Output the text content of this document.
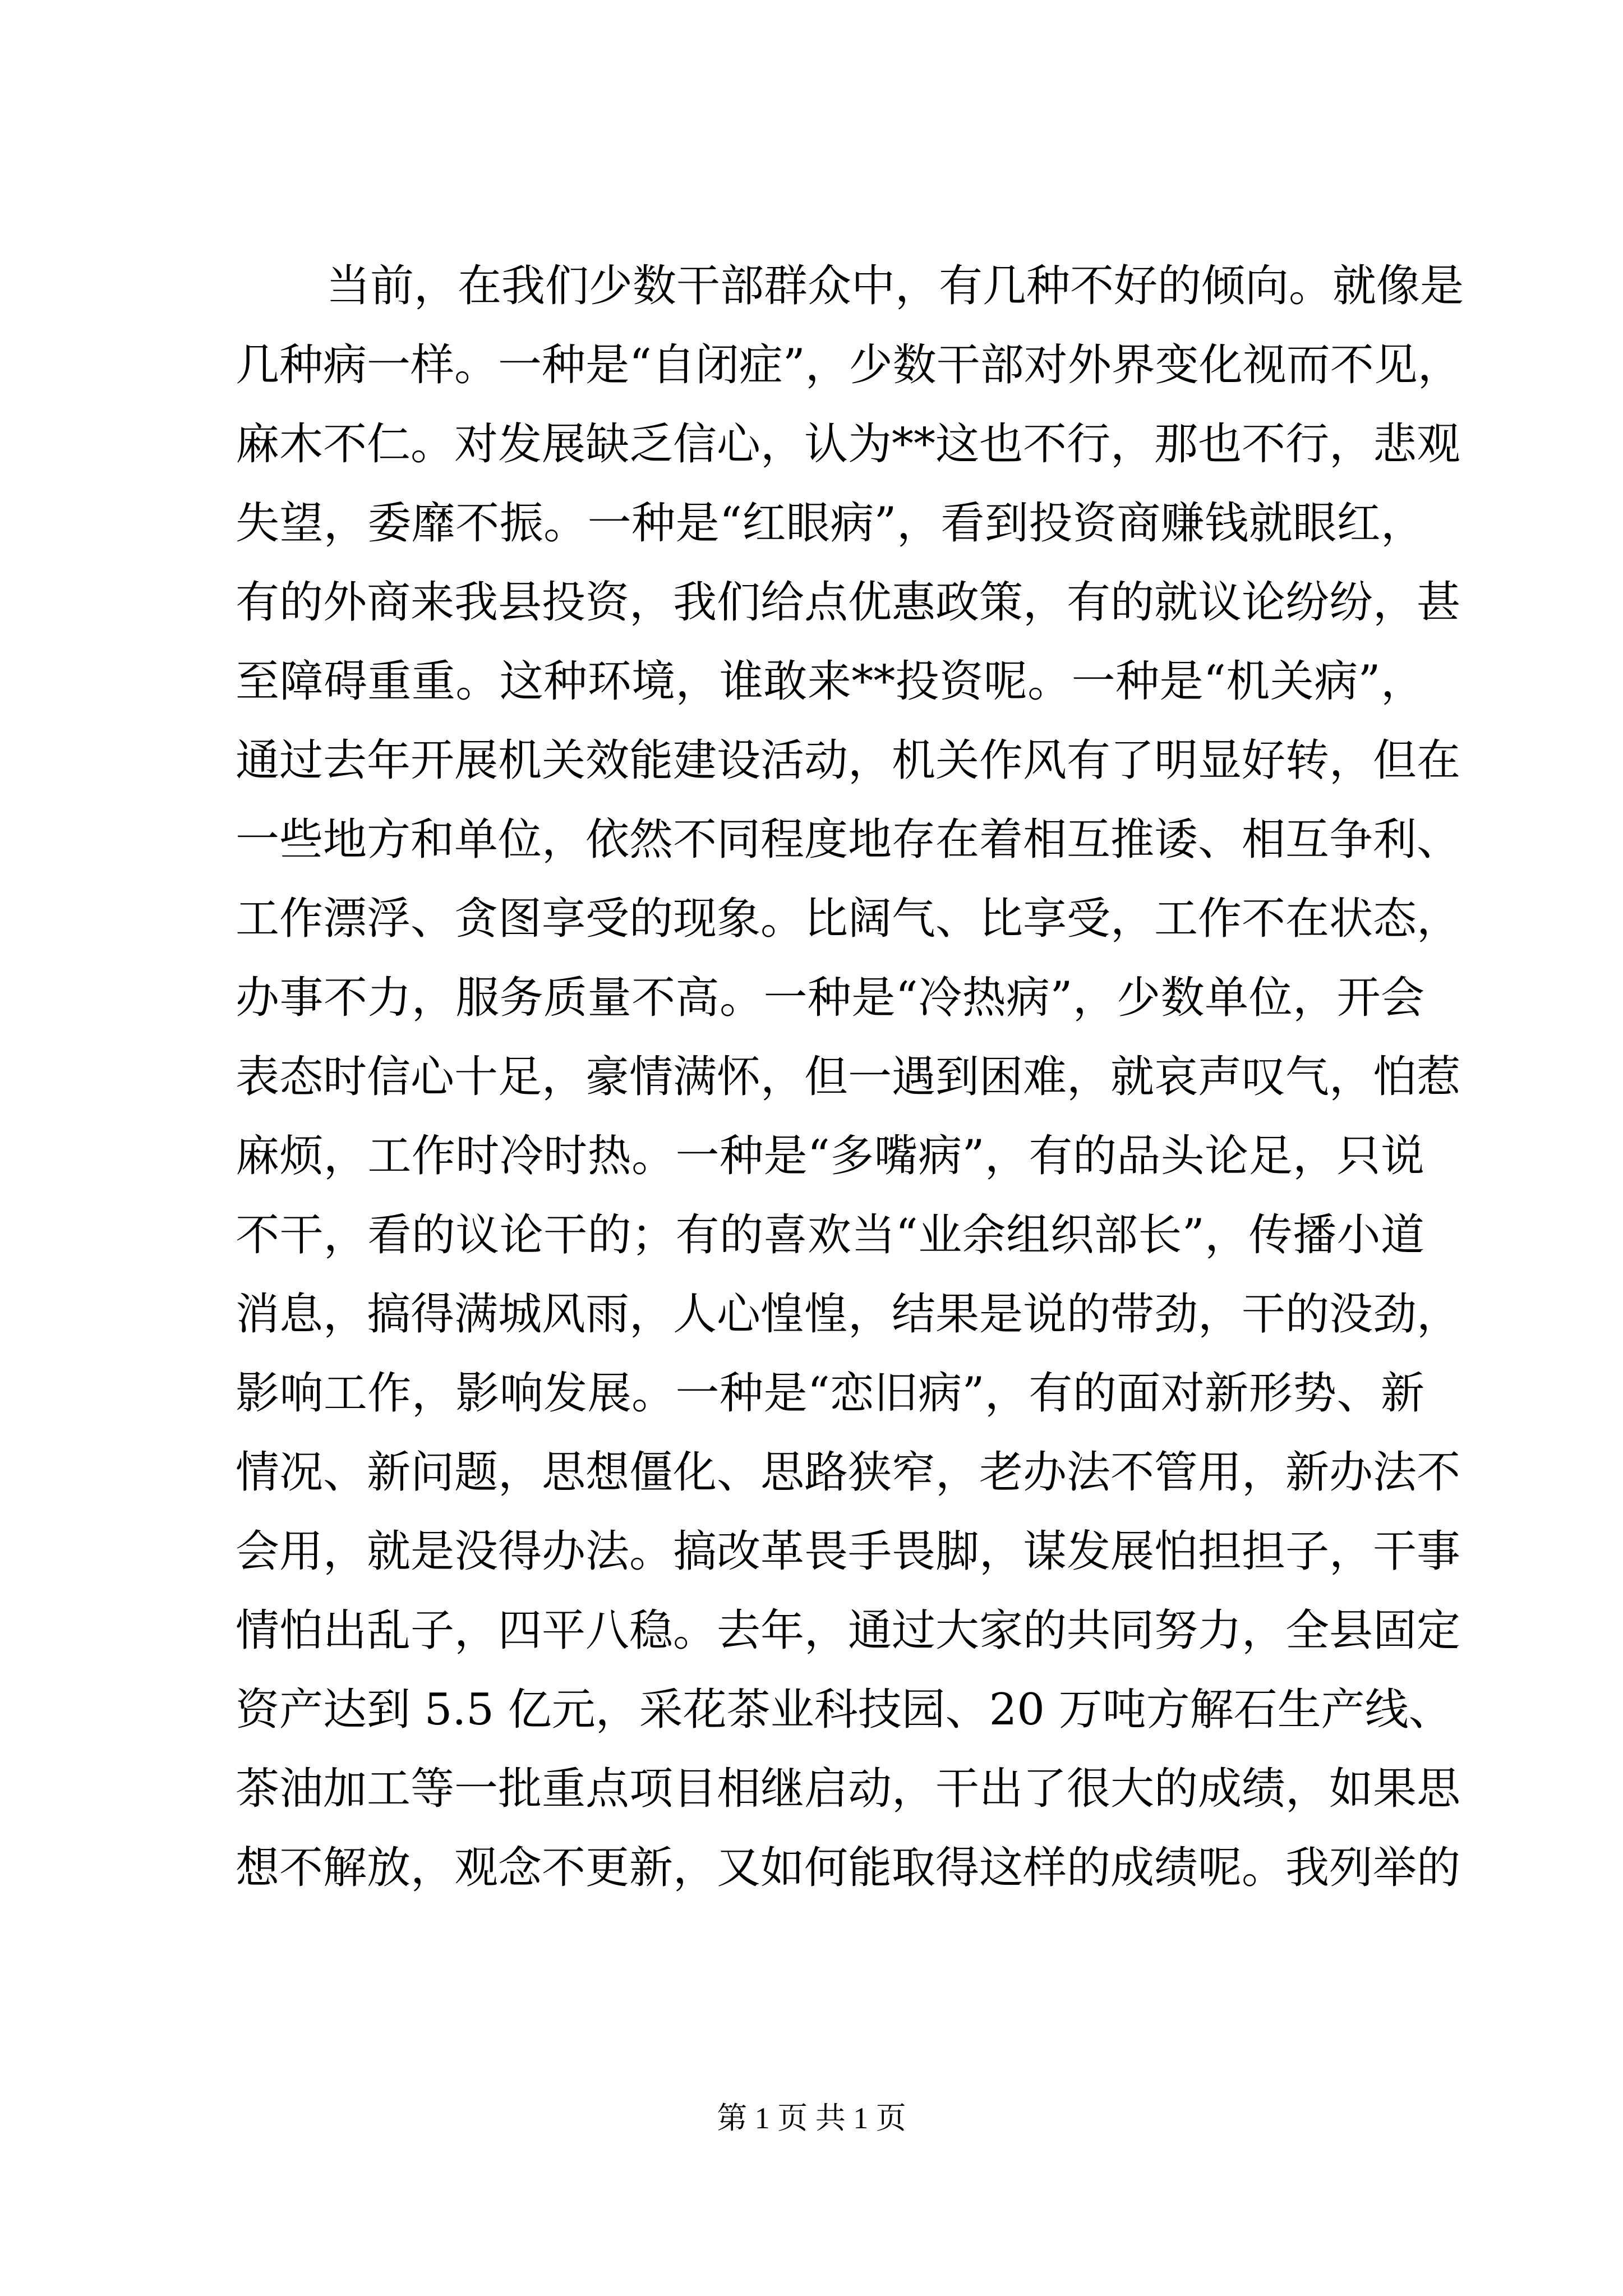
当前，在我们少数干部群众中，有几种不好的倾向。就像是
几种病一样。一种是“自闭症”，少数干部对外界变化视而不见，
麻木不仁。对发展缺乏信心，认为**这也不行，那也不行，悲观
失望，委靡不振。一种是“红眼病”，看到投资商赚钱就眼红，
有的外商来我县投资，我们给点优惠政策，有的就议论纷纷，甚
至障碍重重。这种环境，谁敢来**投资呢。一种是“机关病”，
通过去年开展机关效能建设活动，机关作风有了明显好转，但在
一些地方和单位，依然不同程度地存在着相互推诿、相互争利、
工作漂浮、贪图享受的现象。比阔气、比享受，工作不在状态，
办事不力，服务质量不高。一种是“冷热病”，少数单位，开会
表态时信心十足，豪情满怀，但一遇到困难，就哀声叹气，怕惹
麻烦，工作时冷时热。一种是“多嘴病”，有的品头论足，只说
不干，看的议论干的；有的喜欢当“业余组织部长”，传播小道
消息，搞得满城风雨，人心惶惶，结果是说的带劲，干的没劲，
影响工作，影响发展。一种是“恋旧病”，有的面对新形势、新
情况、新问题，思想僵化、思路狭窄，老办法不管用，新办法不
会用，就是没得办法。搞改革畏手畏脚，谋发展怕担担子，干事
情怕出乱子，四平八稳。去年，通过大家的共同努力，全县固定
资产达到 5.5 亿元，采花茶业科技园、20 万吨方解石生产线、
茶油加工等一批重点项目相继启动，干出了很大的成绩，如果思
想不解放，观念不更新，又如何能取得这样的成绩呢。我列举的
第 1 页 共 1 页
